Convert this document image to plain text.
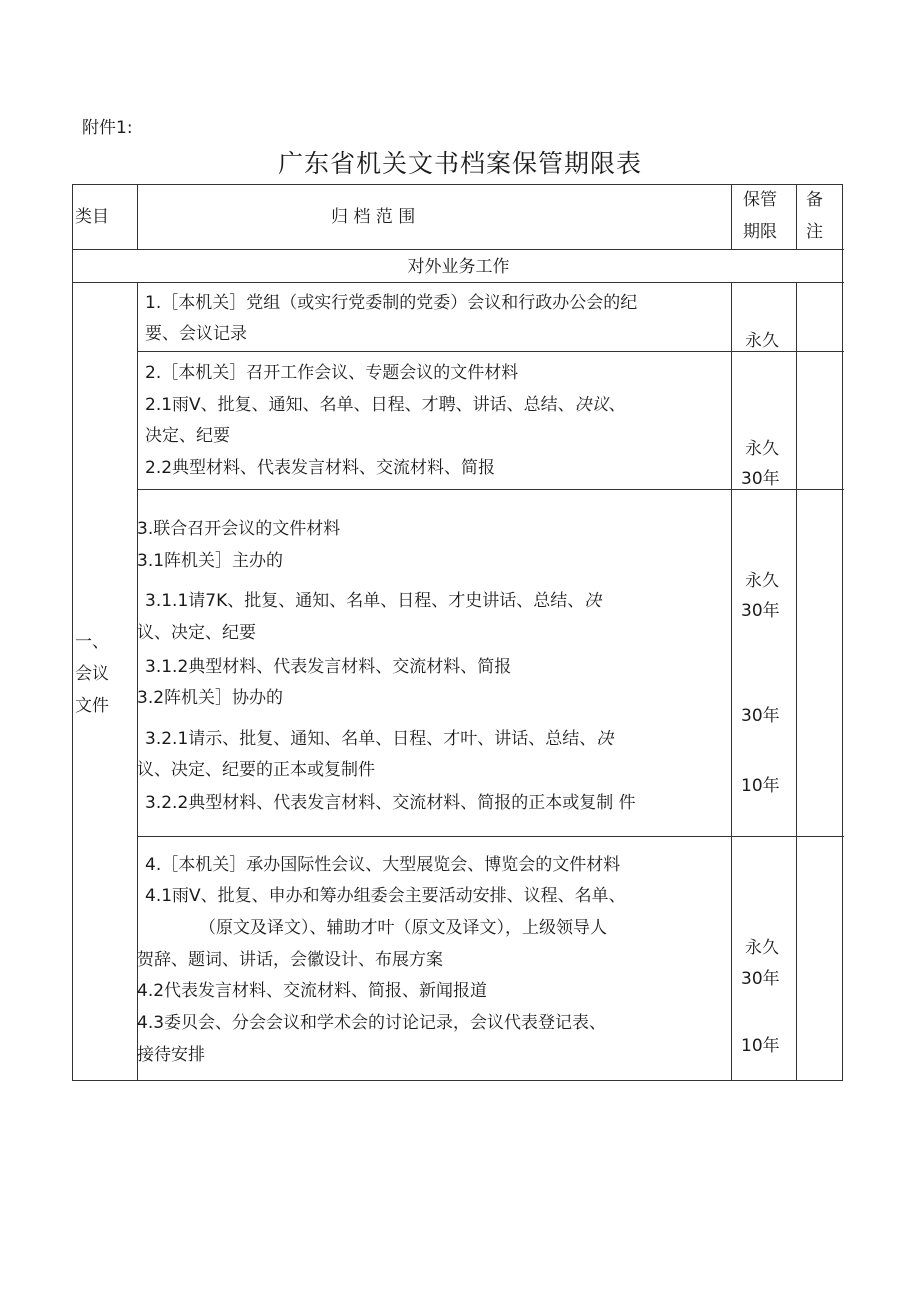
附件1:
广东省机关文书档案保管期限表
类目	归 档 范 围
保管
期限
备
注
对外业务工作
一、
会议
文件
1.［本机关］党组（或实行党委制的党委）会议和行政办公会的纪
要、会议记录	永久
2.［本机关］召开工作会议、专题会议的文件材料
2.1雨V、批复、通知、名单、日程、才聘、讲话、总结、决议、
决定、纪要
2.2典型材料、代表发言材料、交流材料、简报
永久
30年
3.联合召开会议的文件材料
3.1阵机关］主办的
3.1.1请7K、批复、通知、名单、日程、才史讲话、总结、决
议、决定、纪要
3.1.2典型材料、代表发言材料、交流材料、简报
3.2阵机关］协办的
3.2.1请示、批复、通知、名单、日程、才叶、讲话、总结、决
议、决定、纪要的正本或复制件
3.2.2典型材料、代表发言材料、交流材料、简报的正本或复制 件
永久
30年
30年
10年
4.［本机关］承办国际性会议、大型展览会、博览会的文件材料
4.1雨V、批复、申办和筹办组委会主要活动安排、议程、名单、
（原文及译文）、辅助才叶（原文及译文），上级领导人
贺辞、题词、讲话，会徽设计、布展方案
4.2代表发言材料、交流材料、简报、新闻报道
4.3委贝会、分会会议和学术会的讨论记录，会议代表登记表、
接待安排
永久
30年
10年
